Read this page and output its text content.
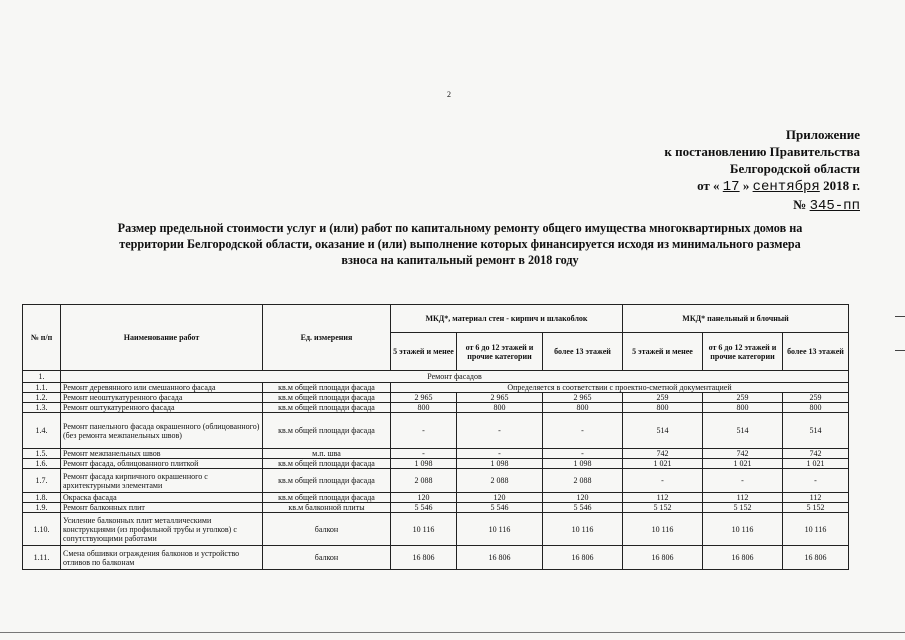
2
Приложение
к постановлению Правительства
Белгородской области
от « 17 » сентября 2018 г.
№ 345-пп
Размер предельной стоимости услуг и (или) работ по капитальному ремонту общего имущества многоквартирных домов на
территории Белгородской области, оказание и (или) выполнение которых финансируется исходя из минимального размера
взноса на капитальный ремонт в 2018 году
№ п/п	Наименование работ	Ед. измерения	МКД*, материал стен - кирпич и шлакоблок			МКД* панельный и блочный		
			5 этажей и менее	от 6 до 12 этажей и прочие категории	более 13 этажей	5 этажей и менее	от 6 до 12 этажей и прочие категории	более 13 этажей
1.	Ремонт фасадов							
1.1.	Ремонт деревянного или смешанного фасада	кв.м общей площади фасада	Определяется в соответствии с проектно-сметной документацией					
1.2.	Ремонт неоштукатуренного фасада	кв.м общей площади фасада	2 965	2 965	2 965	259	259	259
1.3.	Ремонт оштукатуренного фасада	кв.м общей площади фасада	800	800	800	800	800	800
1.4.	Ремонт панельного фасада окрашенного (облицованного) (без ремонта межпанельных швов)	кв.м общей площади фасада	-	-	-	514	514	514
1.5.	Ремонт межпанельных швов	м.п. шва	-	-	-	742	742	742
1.6.	Ремонт фасада, облицованного плиткой	кв.м общей площади фасада	1 098	1 098	1 098	1 021	1 021	1 021
1.7.	Ремонт фасада кирпичного окрашенного с архитектурными элементами	кв.м общей площади фасада	2 088	2 088	2 088	-	-	-
1.8.	Окраска фасада	кв.м общей площади фасада	120	120	120	112	112	112
1.9.	Ремонт балконных плит	кв.м балконной плиты	5 546	5 546	5 546	5 152	5 152	5 152
1.10.	Усиление балконных плит металлическими конструкциями (из профильной трубы и уголков) с сопутствующими работами	балкон	10 116	10 116	10 116	10 116	10 116	10 116
1.11.	Смена обшивки ограждения балконов и устройство отливов по балконам	балкон	16 806	16 806	16 806	16 806	16 806	16 806
